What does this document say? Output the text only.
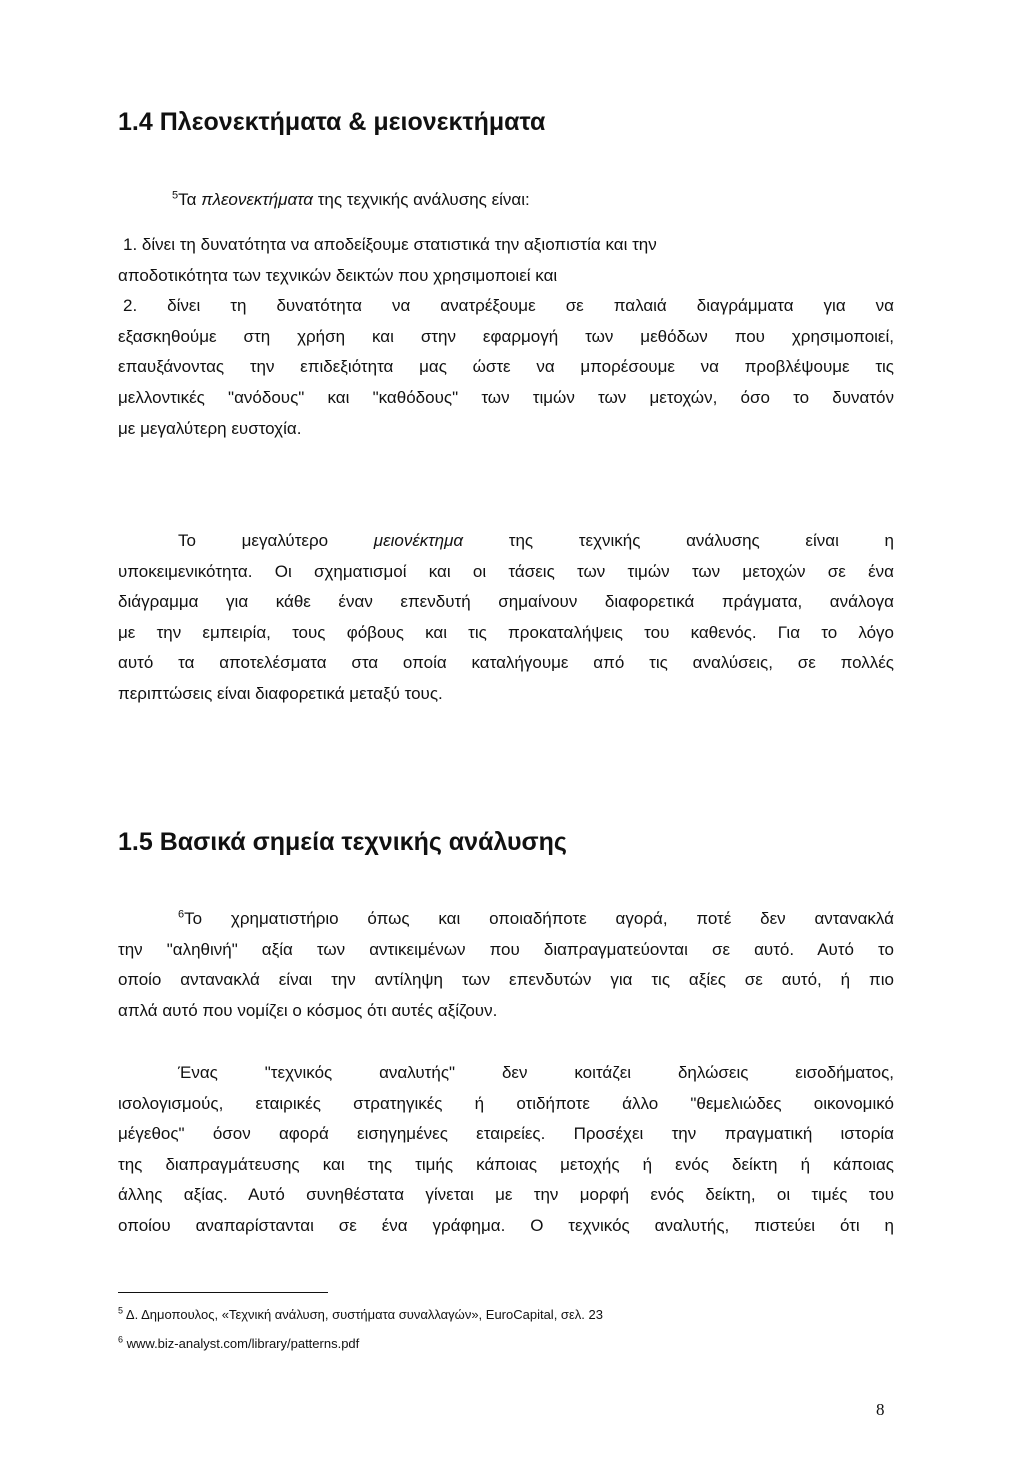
1.4 Πλεονεκτήματα & μειονεκτήματα
$^5$Τα πλεονεκτήματα της τεχνικής ανάλυσης είναι:
1. δίνει τη δυνατότητα να αποδείξουμε στατιστικά την αξιοπιστία και την
αποδοτικότητα των τεχνικών δεικτών που χρησιμοποιεί και
2. δίνει τη δυνατότητα να ανατρέξουμε σε παλαιά διαγράμματα για να
εξασκηθούμε στη χρήση και στην εφαρμογή των μεθόδων που χρησιμοποιεί,
επαυξάνοντας την επιδεξιότητα μας ώστε να μπορέσουμε να προβλέψουμε τις
μελλοντικές "ανόδους" και "καθόδους" των τιμών των μετοχών, όσο το δυνατόν
με μεγαλύτερη ευστοχία.
Το μεγαλύτερο μειονέκτημα της τεχνικής ανάλυσης είναι η
υποκειμενικότητα. Οι σχηματισμοί και οι τάσεις των τιμών των μετοχών σε ένα
διάγραμμα για κάθε έναν επενδυτή σημαίνουν διαφορετικά πράγματα, ανάλογα
με την εμπειρία, τους φόβους και τις προκαταλήψεις του καθενός. Για το λόγο
αυτό τα αποτελέσματα στα οποία καταλήγουμε από τις αναλύσεις, σε πολλές
περιπτώσεις είναι διαφορετικά μεταξύ τους.
1.5 Βασικά σημεία τεχνικής ανάλυσης
$^6$Το χρηματιστήριο όπως και οποιαδήποτε αγορά, ποτέ δεν αντανακλά
την "αληθινή" αξία των αντικειμένων που διαπραγματεύονται σε αυτό. Αυτό το
οποίο αντανακλά είναι την αντίληψη των επενδυτών για τις αξίες σε αυτό, ή πιο
απλά αυτό που νομίζει ο κόσμος ότι αυτές αξίζουν.
Ένας "τεχνικός αναλυτής" δεν κοιτάζει δηλώσεις εισοδήματος,
ισολογισμούς, εταιρικές στρατηγικές ή οτιδήποτε άλλο "θεμελιώδες οικονομικό
μέγεθος" όσον αφορά εισηγημένες εταιρείες. Προσέχει την πραγματική ιστορία
της διαπραγμάτευσης και της τιμής κάποιας μετοχής ή ενός δείκτη ή κάποιας
άλλης αξίας. Αυτό συνηθέστατα γίνεται με την μορφή ενός δείκτη, οι τιμές του
οποίου αναπαρίστανται σε ένα γράφημα. Ο τεχνικός αναλυτής, πιστεύει ότι η
$^5$ Δ. Δημοπουλος, «Τεχνική ανάλυση, συστήματα συναλλαγών», EuroCapital, σελ. 23
$^6$ www.biz-analyst.com/library/patterns.pdf
8
